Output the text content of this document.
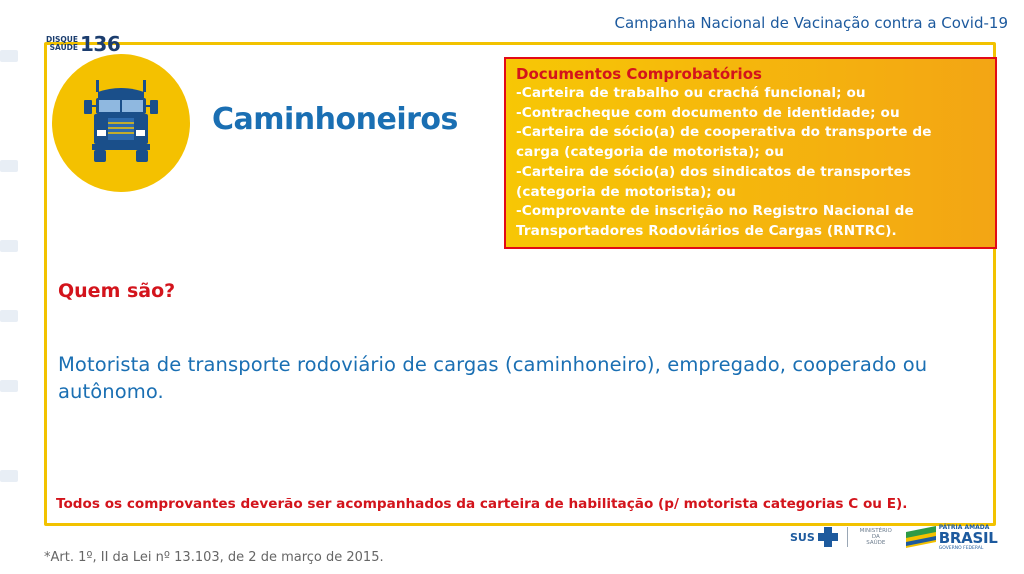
Campanha Nacional de Vacinação contra a Covid-19
DISQUE
SAÚDE 136
Caminhoneiros
Documentos Comprobatórios
-Carteira de trabalho ou crachá funcional; ou
-Contracheque com documento de identidade; ou
-Carteira de sócio(a) de cooperativa do transporte de
carga (categoria de motorista); ou
-Carteira de sócio(a) dos sindicatos de transportes
(categoria de motorista); ou
-Comprovante de inscrição no Registro Nacional de
Transportadores Rodoviários de Cargas (RNTRC).
Quem são?
Motorista de transporte rodoviário de cargas (caminhoneiro), empregado, cooperado ou autônomo.
Todos os comprovantes deverão ser acompanhados da carteira de habilitação (p/ motorista categorias C ou E).
*Art. 1º, II da Lei nº 13.103, de 2 de março de 2015.
SUS	MINISTÉRIO DA
SAÚDE
PÁTRIA AMADA
BRASIL
GOVERNO FEDERAL
